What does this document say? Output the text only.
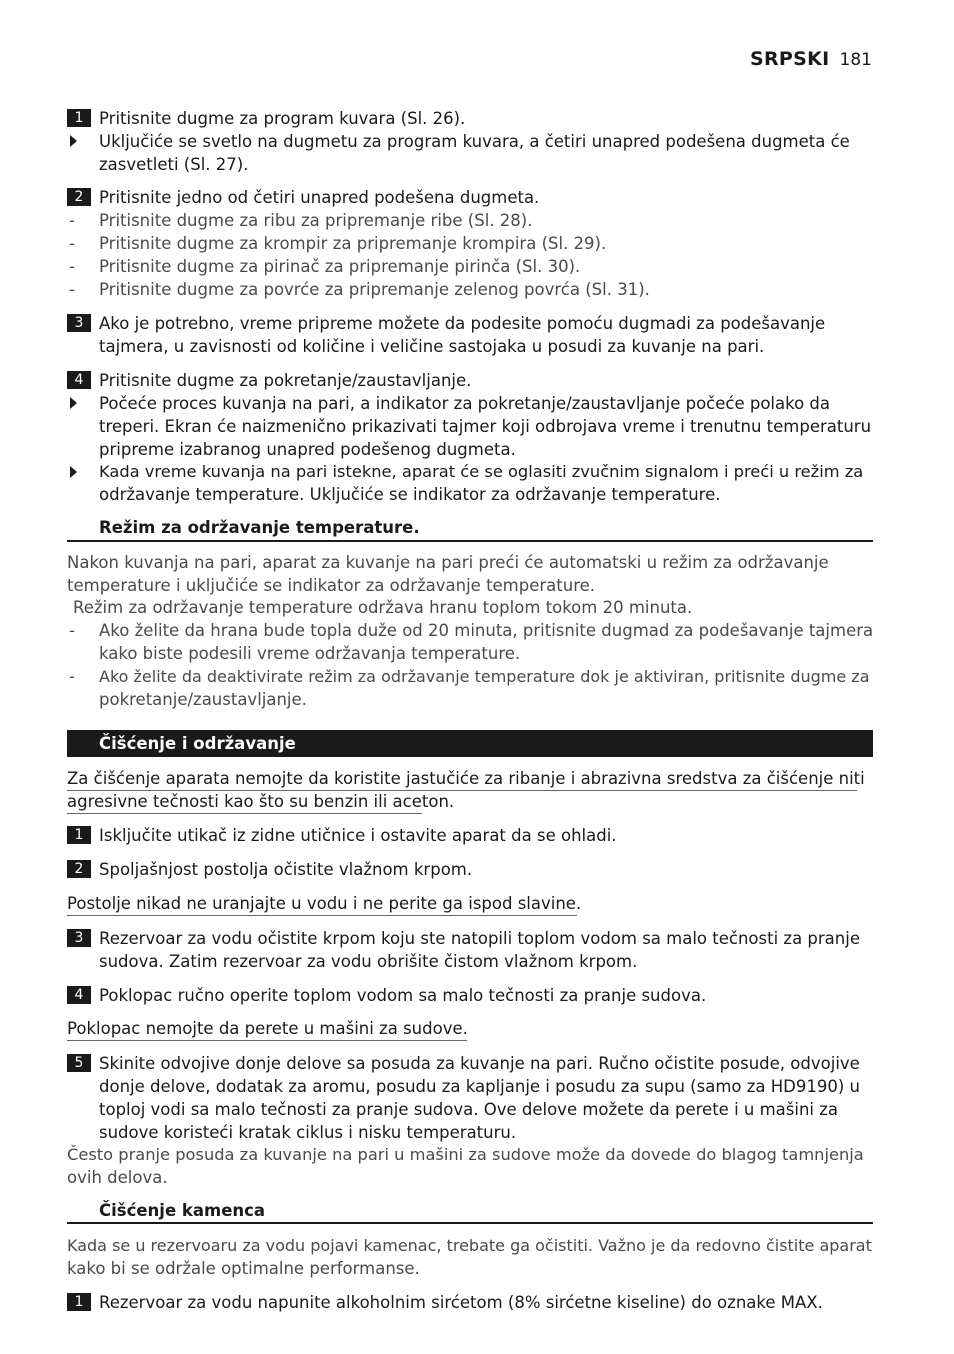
SRPSKI 181
1 Pritisnite dugme za program kuvara (Sl. 26).
Uključiće se svetlo na dugmetu za program kuvara, a četiri unapred podešena dugmeta će
zasvetleti (Sl. 27).
2 Pritisnite jedno od četiri unapred podešena dugmeta.
- Pritisnite dugme za ribu za pripremanje ribe (Sl. 28).
- Pritisnite dugme za krompir za pripremanje krompira (Sl. 29).
- Pritisnite dugme za pirinač za pripremanje pirinča (Sl. 30).
- Pritisnite dugme za povrće za pripremanje zelenog povrća (Sl. 31).
3 Ako je potrebno, vreme pripreme možete da podesite pomoću dugmadi za podešavanje
tajmera, u zavisnosti od količine i veličine sastojaka u posudi za kuvanje na pari.
4 Pritisnite dugme za pokretanje/zaustavljanje.
Počeće proces kuvanja na pari, a indikator za pokretanje/zaustavljanje počeće polako da
treperi. Ekran će naizmenično prikazivati tajmer koji odbrojava vreme i trenutnu temperaturu
pripreme izabranog unapred podešenog dugmeta.
Kada vreme kuvanja na pari istekne, aparat će se oglasiti zvučnim signalom i preći u režim za
održavanje temperature. Uključiće se indikator za održavanje temperature.
Režim za održavanje temperature.
Nakon kuvanja na pari, aparat za kuvanje na pari preći će automatski u režim za održavanje
temperature i uključiće se indikator za održavanje temperature.
Režim za održavanje temperature održava hranu toplom tokom 20 minuta.
- Ako želite da hrana bude topla duže od 20 minuta, pritisnite dugmad za podešavanje tajmera
kako biste podesili vreme održavanja temperature.
- Ako želite da deaktivirate režim za održavanje temperature dok je aktiviran, pritisnite dugme za
pokretanje/zaustavljanje.
Čišćenje i održavanje
Za čišćenje aparata nemojte da koristite jastučiće za ribanje i abrazivna sredstva za čišćenje niti
agresivne tečnosti kao što su benzin ili aceton.
1 Isključite utikač iz zidne utičnice i ostavite aparat da se ohladi.
2 Spoljašnjost postolja očistite vlažnom krpom.
Postolje nikad ne uranjajte u vodu i ne perite ga ispod slavine.
3 Rezervoar za vodu očistite krpom koju ste natopili toplom vodom sa malo tečnosti za pranje
sudova. Zatim rezervoar za vodu obrišite čistom vlažnom krpom.
4 Poklopac ručno operite toplom vodom sa malo tečnosti za pranje sudova.
Poklopac nemojte da perete u mašini za sudove.
5 Skinite odvojive donje delove sa posuda za kuvanje na pari. Ručno očistite posude, odvojive
donje delove, dodatak za aromu, posudu za kapljanje i posudu za supu (samo za HD9190) u
toploj vodi sa malo tečnosti za pranje sudova. Ove delove možete da perete i u mašini za
sudove koristeći kratak ciklus i nisku temperaturu.
Često pranje posuda za kuvanje na pari u mašini za sudove može da dovede do blagog tamnjenja
ovih delova.
Čišćenje kamenca
Kada se u rezervoaru za vodu pojavi kamenac, trebate ga očistiti. Važno je da redovno čistite aparat
kako bi se održale optimalne performanse.
1 Rezervoar za vodu napunite alkoholnim sirćetom (8% sirćetne kiseline) do oznake MAX.
